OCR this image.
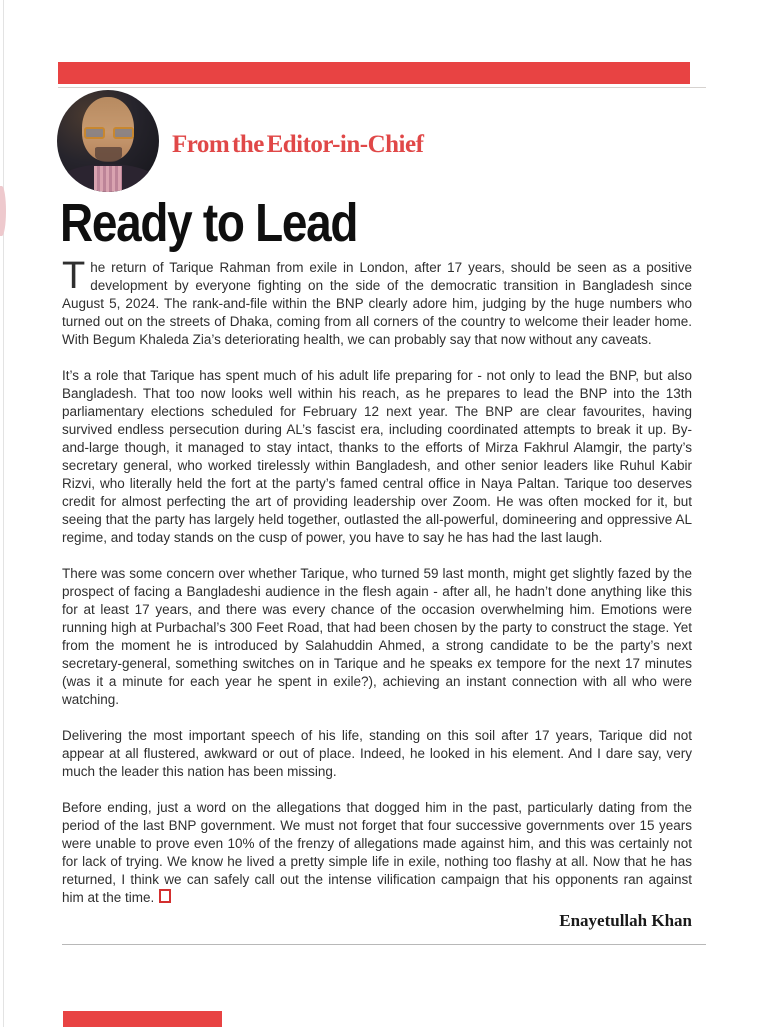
From the Editor-in-Chief
Ready to Lead

The return of Tarique Rahman from exile in London, after 17 years, should be seen as a positive development by everyone fighting on the side of the democratic transition in Bangladesh since August 5, 2024. The rank-and-file within the BNP clearly adore him, judging by the huge numbers who turned out on the streets of Dhaka, coming from all corners of the country to welcome their leader home. With Begum Khaleda Zia’s deteriorating health, we can probably say that now without any caveats.

It’s a role that Tarique has spent much of his adult life preparing for - not only to lead the BNP, but also Bangladesh. That too now looks well within his reach, as he prepares to lead the BNP into the 13th parliamentary elections scheduled for February 12 next year. The BNP are clear favourites, having survived endless persecution during AL’s fascist era, including coordinated attempts to break it up. By-and-large though, it managed to stay intact, thanks to the efforts of Mirza Fakhrul Alamgir, the party’s secretary general, who worked tirelessly within Bangladesh, and other senior leaders like Ruhul Kabir Rizvi, who literally held the fort at the party’s famed central office in Naya Paltan. Tarique too deserves credit for almost perfecting the art of providing leadership over Zoom. He was often mocked for it, but seeing that the party has largely held together, outlasted the all-powerful, domineering and oppressive AL regime, and today stands on the cusp of power, you have to say he has had the last laugh.

There was some concern over whether Tarique, who turned 59 last month, might get slightly fazed by the prospect of facing a Bangladeshi audience in the flesh again - after all, he hadn’t done anything like this for at least 17 years, and there was every chance of the occasion overwhelming him. Emotions were running high at Purbachal’s 300 Feet Road, that had been chosen by the party to construct the stage. Yet from the moment he is introduced by Salahuddin Ahmed, a strong candidate to be the party’s next secretary-general, something switches on in Tarique and he speaks ex tempore for the next 17 minutes (was it a minute for each year he spent in exile?), achieving an instant connection with all who were watching.

Delivering the most important speech of his life, standing on this soil after 17 years, Tarique did not appear at all flustered, awkward or out of place. Indeed, he looked in his element. And I dare say, very much the leader this nation has been missing.

Before ending, just a word on the allegations that dogged him in the past, particularly dating from the period of the last BNP government. We must not forget that four successive governments over 15 years were unable to prove even 10% of the frenzy of allegations made against him, and this was certainly not for lack of trying. We know he lived a pretty simple life in exile, nothing too flashy at all. Now that he has returned, I think we can safely call out the intense vilification campaign that his opponents ran against him at the time.

Enayetullah Khan
